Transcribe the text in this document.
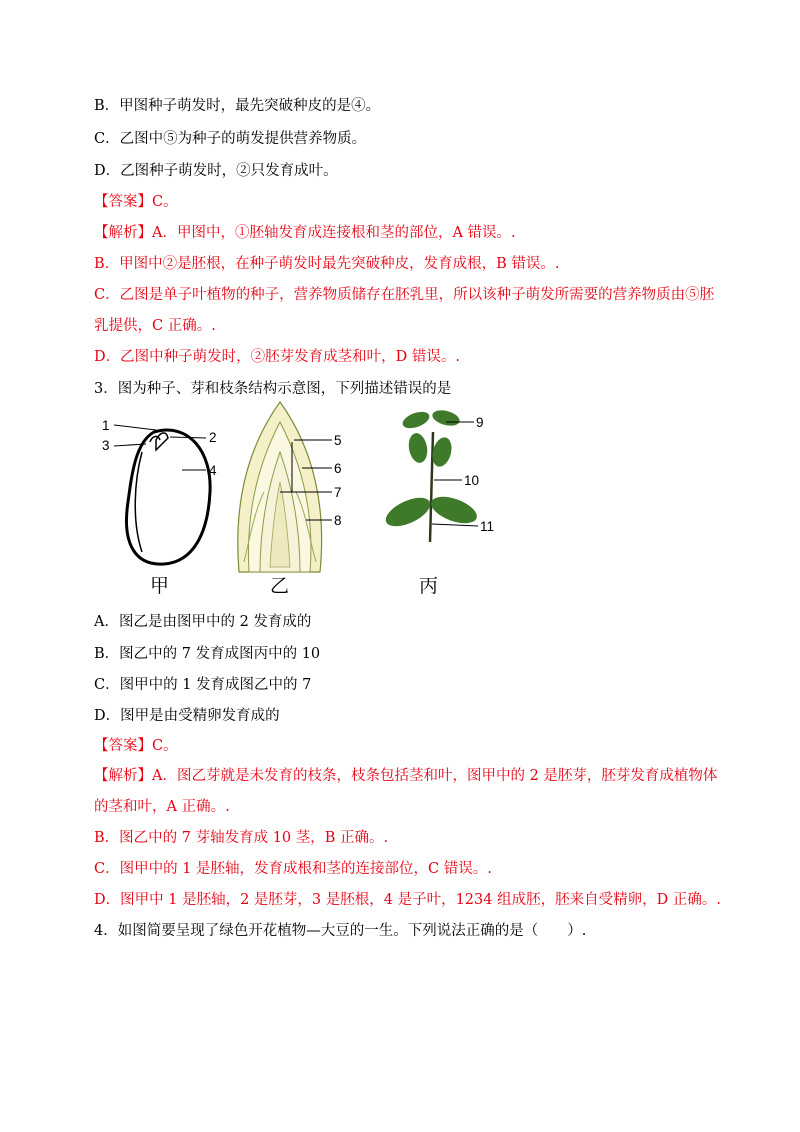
B．甲图种子萌发时，最先突破种皮的是④。
C．乙图中⑤为种子的萌发提供营养物质。
D．乙图种子萌发时，②只发育成叶。
【答案】C。
【解析】A．甲图中，①胚轴发育成连接根和茎的部位，A 错误。.
B．甲图中②是胚根，在种子萌发时最先突破种皮，发育成根，B 错误。.
C．乙图是单子叶植物的种子，营养物质储存在胚乳里，所以该种子萌发所需要的营养物质由⑤胚
乳提供，C 正确。.
D．乙图中种子萌发时，②胚芽发育成茎和叶，D 错误。.
3．图为种子、芽和枝条结构示意图，下列描述错误的是
1
2
3
4
5
6
7
8
9
10
11
甲	乙	丙
A．图乙是由图甲中的 2 发育成的
B．图乙中的 7 发育成图丙中的 10
C．图甲中的 1 发育成图乙中的 7
D．图甲是由受精卵发育成的
【答案】C。
【解析】A．图乙芽就是未发育的枝条，枝条包括茎和叶，图甲中的 2 是胚芽，胚芽发育成植物体
的茎和叶，A 正确。.
B．图乙中的 7 芽轴发育成 10 茎，B 正确。.
C．图甲中的 1 是胚轴，发育成根和茎的连接部位，C 错误。.
D．图甲中 1 是胚轴，2 是胚芽，3 是胚根，4 是子叶，1234 组成胚，胚来自受精卵，D 正确。.
4．如图简要呈现了绿色开花植物—大豆的一生。下列说法正确的是（　　）.
